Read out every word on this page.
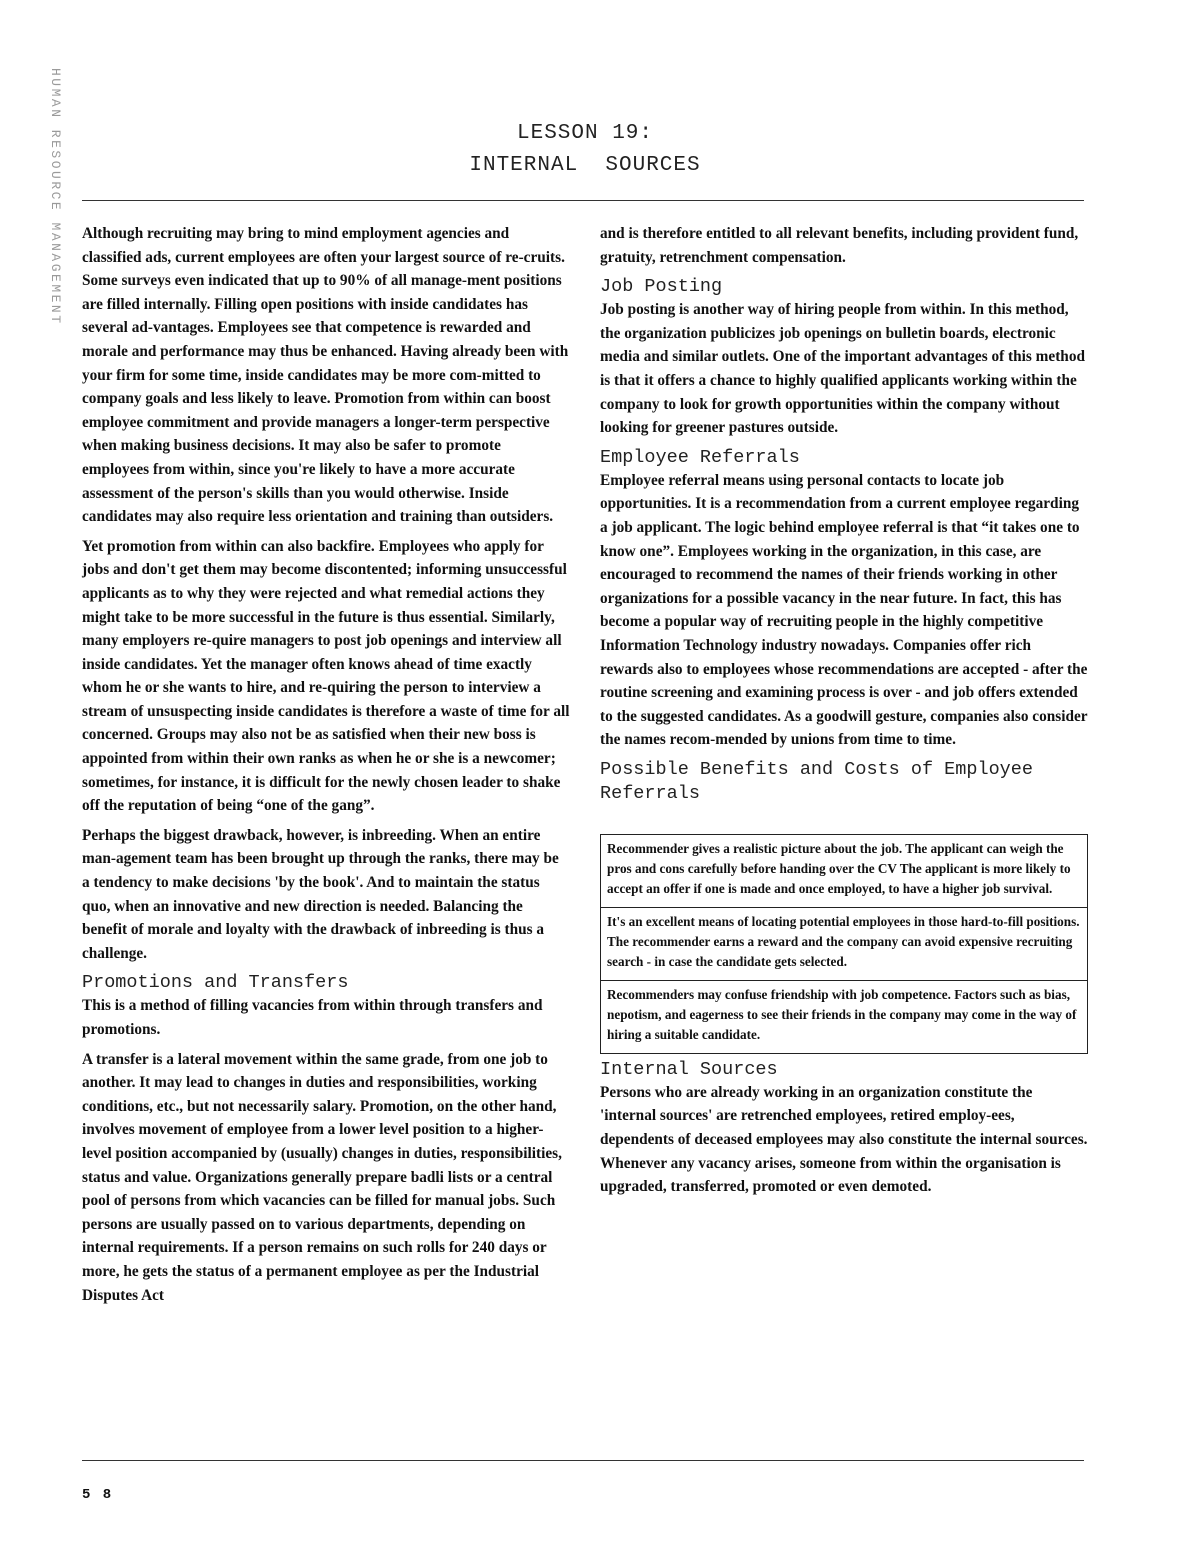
HUMAN RESOURCE MANAGEMENT	LESSON 19:
INTERNAL  SOURCES

Although recruiting may bring to mind employment agencies and classified ads, current employees are often your largest source of re-cruits. Some surveys even indicated that up to 90% of all manage-ment positions are filled internally. Filling open positions with inside candidates has several ad-vantages. Employees see that competence is rewarded and morale and performance may thus be enhanced. Having already been with your firm for some time, inside candidates may be more com-mitted to company goals and less likely to leave. Promotion from within can boost employee commitment and provide managers a longer-term perspective when making business decisions. It may also be safer to promote employees from within, since you're likely to have a more accurate assessment of the person's skills than you would otherwise. Inside candidates may also require less orientation and training than outsiders.

Yet promotion from within can also backfire. Employees who apply for jobs and don't get them may become discontented; informing unsuccessful applicants as to why they were rejected and what remedial actions they might take to be more successful in the future is thus essential. Similarly, many employers re-quire managers to post job openings and interview all inside candidates. Yet the manager often knows ahead of time exactly whom he or she wants to hire, and re-quiring the person to interview a stream of unsuspecting inside candidates is therefore a waste of time for all concerned. Groups may also not be as satisfied when their new boss is appointed from within their own ranks as when he or she is a newcomer; sometimes, for instance, it is difficult for the newly chosen leader to shake off the reputation of being “one of the gang”.

Perhaps the biggest drawback, however, is inbreeding. When an entire man-agement team has been brought up through the ranks, there may be a tendency to make decisions 'by the book'. And to maintain the status quo, when an innovative and new direction is needed. Balancing the benefit of morale and loyalty with the drawback of inbreeding is thus a challenge.

Promotions and Transfers

This is a method of filling vacancies from within through transfers and promotions.

A transfer is a lateral movement within the same grade, from one job to another. It may lead to changes in duties and responsibilities, working conditions, etc., but not necessarily salary. Promotion, on the other hand, involves movement of employee from a lower level position to a higher-level position accompanied by (usually) changes in duties, responsibilities, status and value. Organizations generally prepare badli lists or a central pool of persons from which vacancies can be filled for manual jobs. Such persons are usually passed on to various departments, depending on internal requirements. If a person remains on such rolls for 240 days or more, he gets the status of a permanent employee as per the Industrial Disputes Act

and is therefore entitled to all relevant benefits, including provident fund, gratuity, retrenchment compensation.

Job Posting

Job posting is another way of hiring people from within. In this method, the organization publicizes job openings on bulletin boards, electronic media and similar outlets. One of the important advantages of this method is that it offers a chance to highly qualified applicants working within the company to look for growth opportunities within the company without looking for greener pastures outside.

Employee Referrals

Employee referral means using personal contacts to locate job opportunities. It is a recommendation from a current employee regarding a job applicant. The logic behind employee referral is that “it takes one to know one”. Employees working in the organization, in this case, are encouraged to recommend the names of their friends working in other organizations for a possible vacancy in the near future. In fact, this has become a popular way of recruiting people in the highly competitive Information Technology industry nowadays. Companies offer rich rewards also to employees whose recommendations are accepted - after the routine screening and examining process is over - and job offers extended to the suggested candidates. As a goodwill gesture, companies also consider the names recom-mended by unions from time to time.

Possible Benefits and Costs of Employee Referrals
Recommender gives a realistic picture about the job. The applicant can weigh the pros and cons carefully before handing over the CV The applicant is more likely to accept an offer if one is made and once employed, to have a higher job survival.
It's an excellent means of locating potential employees in those hard-to-fill positions. The recommender earns a reward and the company can avoid expensive recruiting search - in case the candidate gets selected.
Recommenders may confuse friendship with job competence. Factors such as bias, nepotism, and eagerness to see their friends in the company may come in the way of hiring a suitable candidate.
Internal Sources

Persons who are already working in an organization constitute the 'internal sources' are retrenched employees, retired employ-ees, dependents of deceased employees may also constitute the internal sources. Whenever any vacancy arises, someone from within the organisation is upgraded, transferred, promoted or even demoted.

5 8
